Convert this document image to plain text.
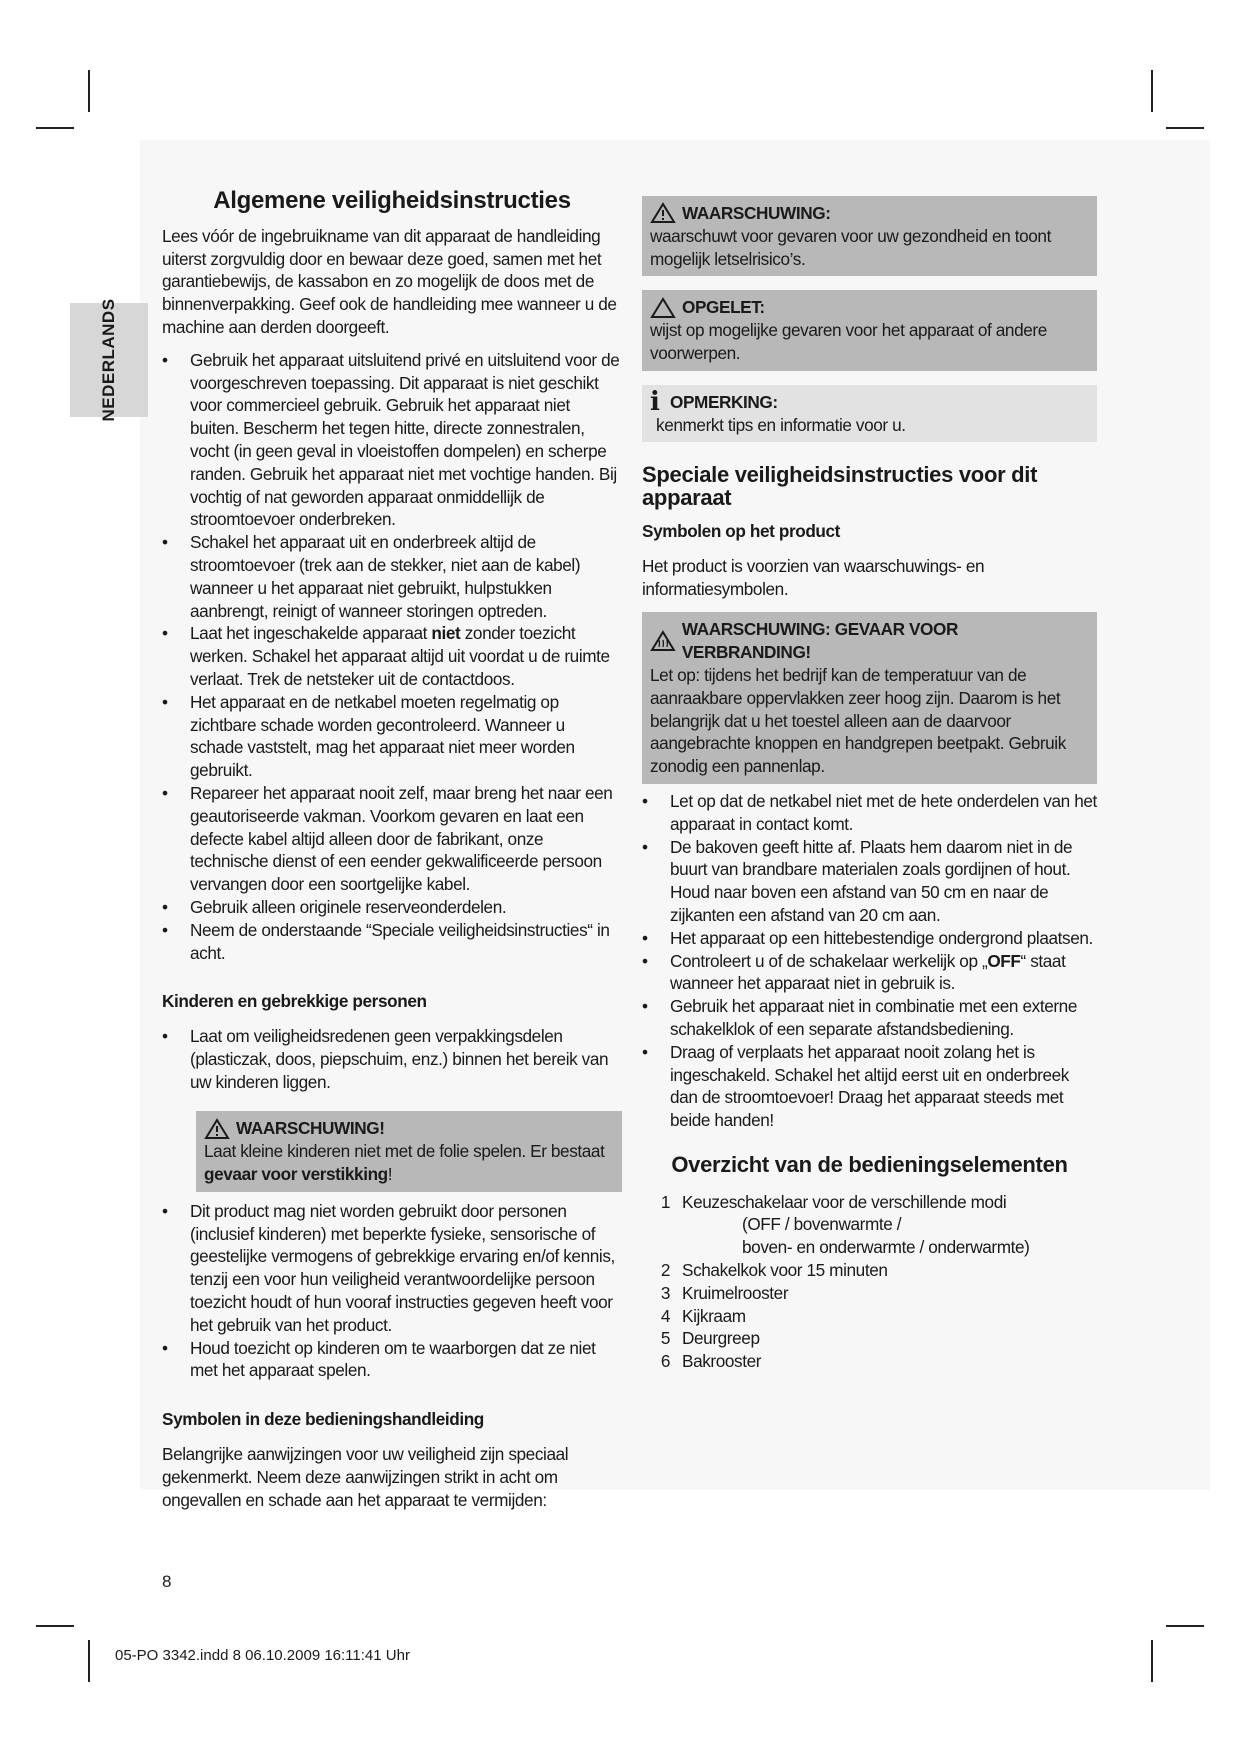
NEDERLANDS
Algemene veiligheidsinstructies

Lees vóór de ingebruikname van dit apparaat de handleiding uiterst zorgvuldig door en bewaar deze goed, samen met het garantiebewijs, de kassabon en zo mogelijk de doos met de binnenverpakking. Geef ook de handleiding mee wanneer u de machine aan derden doorgeeft.

• Gebruik het apparaat uitsluitend privé en uitsluitend voor de voorgeschreven toepassing. Dit apparaat is niet geschikt voor commercieel gebruik. Gebruik het apparaat niet buiten. Bescherm het tegen hitte, directe zonnestralen, vocht (in geen geval in vloeistoffen dompelen) en scherpe randen. Gebruik het apparaat niet met vochtige handen. Bij vochtig of nat geworden apparaat onmiddellijk de stroomtoevoer onderbreken.
• Schakel het apparaat uit en onderbreek altijd de stroomtoevoer (trek aan de stekker, niet aan de kabel) wanneer u het apparaat niet gebruikt, hulpstukken aanbrengt, reinigt of wanneer storingen optreden.
• Laat het ingeschakelde apparaat niet zonder toezicht werken. Schakel het apparaat altijd uit voordat u de ruimte verlaat. Trek de netsteker uit de contactdoos.
• Het apparaat en de netkabel moeten regelmatig op zichtbare schade worden gecontroleerd. Wanneer u schade vaststelt, mag het apparaat niet meer worden gebruikt.
• Repareer het apparaat nooit zelf, maar breng het naar een geautoriseerde vakman. Voorkom gevaren en laat een defecte kabel altijd alleen door de fabrikant, onze technische dienst of een eender gekwalificeerde persoon vervangen door een soortgelijke kabel.
• Gebruik alleen originele reserveonderdelen.
• Neem de onderstaande “Speciale veiligheidsinstructies“ in acht.

Kinderen en gebrekkige personen

• Laat om veiligheidsredenen geen verpakkingsdelen (plasticzak, doos, piepschuim, enz.) binnen het bereik van uw kinderen liggen.
WAARSCHUWING!
Laat kleine kinderen niet met de folie spelen. Er bestaat gevaar voor verstikking!
• Dit product mag niet worden gebruikt door personen (inclusief kinderen) met beperkte fysieke, sensorische of geestelijke vermogens of gebrekkige ervaring en/of kennis, tenzij een voor hun veiligheid verantwoordelijke persoon toezicht houdt of hun vooraf instructies gegeven heeft voor het gebruik van het product.
• Houd toezicht op kinderen om te waarborgen dat ze niet met het apparaat spelen.

Symbolen in deze bedieningshandleiding

Belangrijke aanwijzingen voor uw veiligheid zijn speciaal gekenmerkt. Neem deze aanwijzingen strikt in acht om ongevallen en schade aan het apparaat te vermijden:

WAARSCHUWING:
waarschuwt voor gevaren voor uw gezondheid en toont mogelijk letselrisico’s.
OPGELET:
wijst op mogelijke gevaren voor het apparaat of andere voorwerpen.
i OPMERKING:
kenmerkt tips en informatie voor u.
Speciale veiligheidsinstructies voor dit apparaat

Symbolen op het product

Het product is voorzien van waarschuwings- en informatiesymbolen.

WAARSCHUWING: GEVAAR VOOR VERBRANDING!
Let op: tijdens het bedrijf kan de temperatuur van de aanraakbare oppervlakken zeer hoog zijn. Daarom is het belangrijk dat u het toestel alleen aan de daarvoor aangebrachte knoppen en handgrepen beetpakt. Gebruik zonodig een pannenlap.
• Let op dat de netkabel niet met de hete onderdelen van het apparaat in contact komt.
• De bakoven geeft hitte af. Plaats hem daarom niet in de buurt van brandbare materialen zoals gordijnen of hout. Houd naar boven een afstand van 50 cm en naar de zijkanten een afstand van 20 cm aan.
• Het apparaat op een hittebestendige ondergrond plaatsen.
• Controleert u of de schakelaar werkelijk op „OFF“ staat wanneer het apparaat niet in gebruik is.
• Gebruik het apparaat niet in combinatie met een externe schakelklok of een separate afstandsbediening.
• Draag of verplaats het apparaat nooit zolang het is ingeschakeld. Schakel het altijd eerst uit en onderbreek dan de stroomtoevoer! Draag het apparaat steeds met beide handen!
Overzicht van de bedieningselementen
1 Keuzeschakelaar voor de verschillende modi
(OFF / bovenwarmte /
boven- en onderwarmte / onderwarmte)
2 Schakelkok voor 15 minuten
3 Kruimelrooster
4 Kijkraam
5 Deurgreep
6 Bakrooster
8
05-PO 3342.indd 8 06.10.2009 16:11:41 Uhr
